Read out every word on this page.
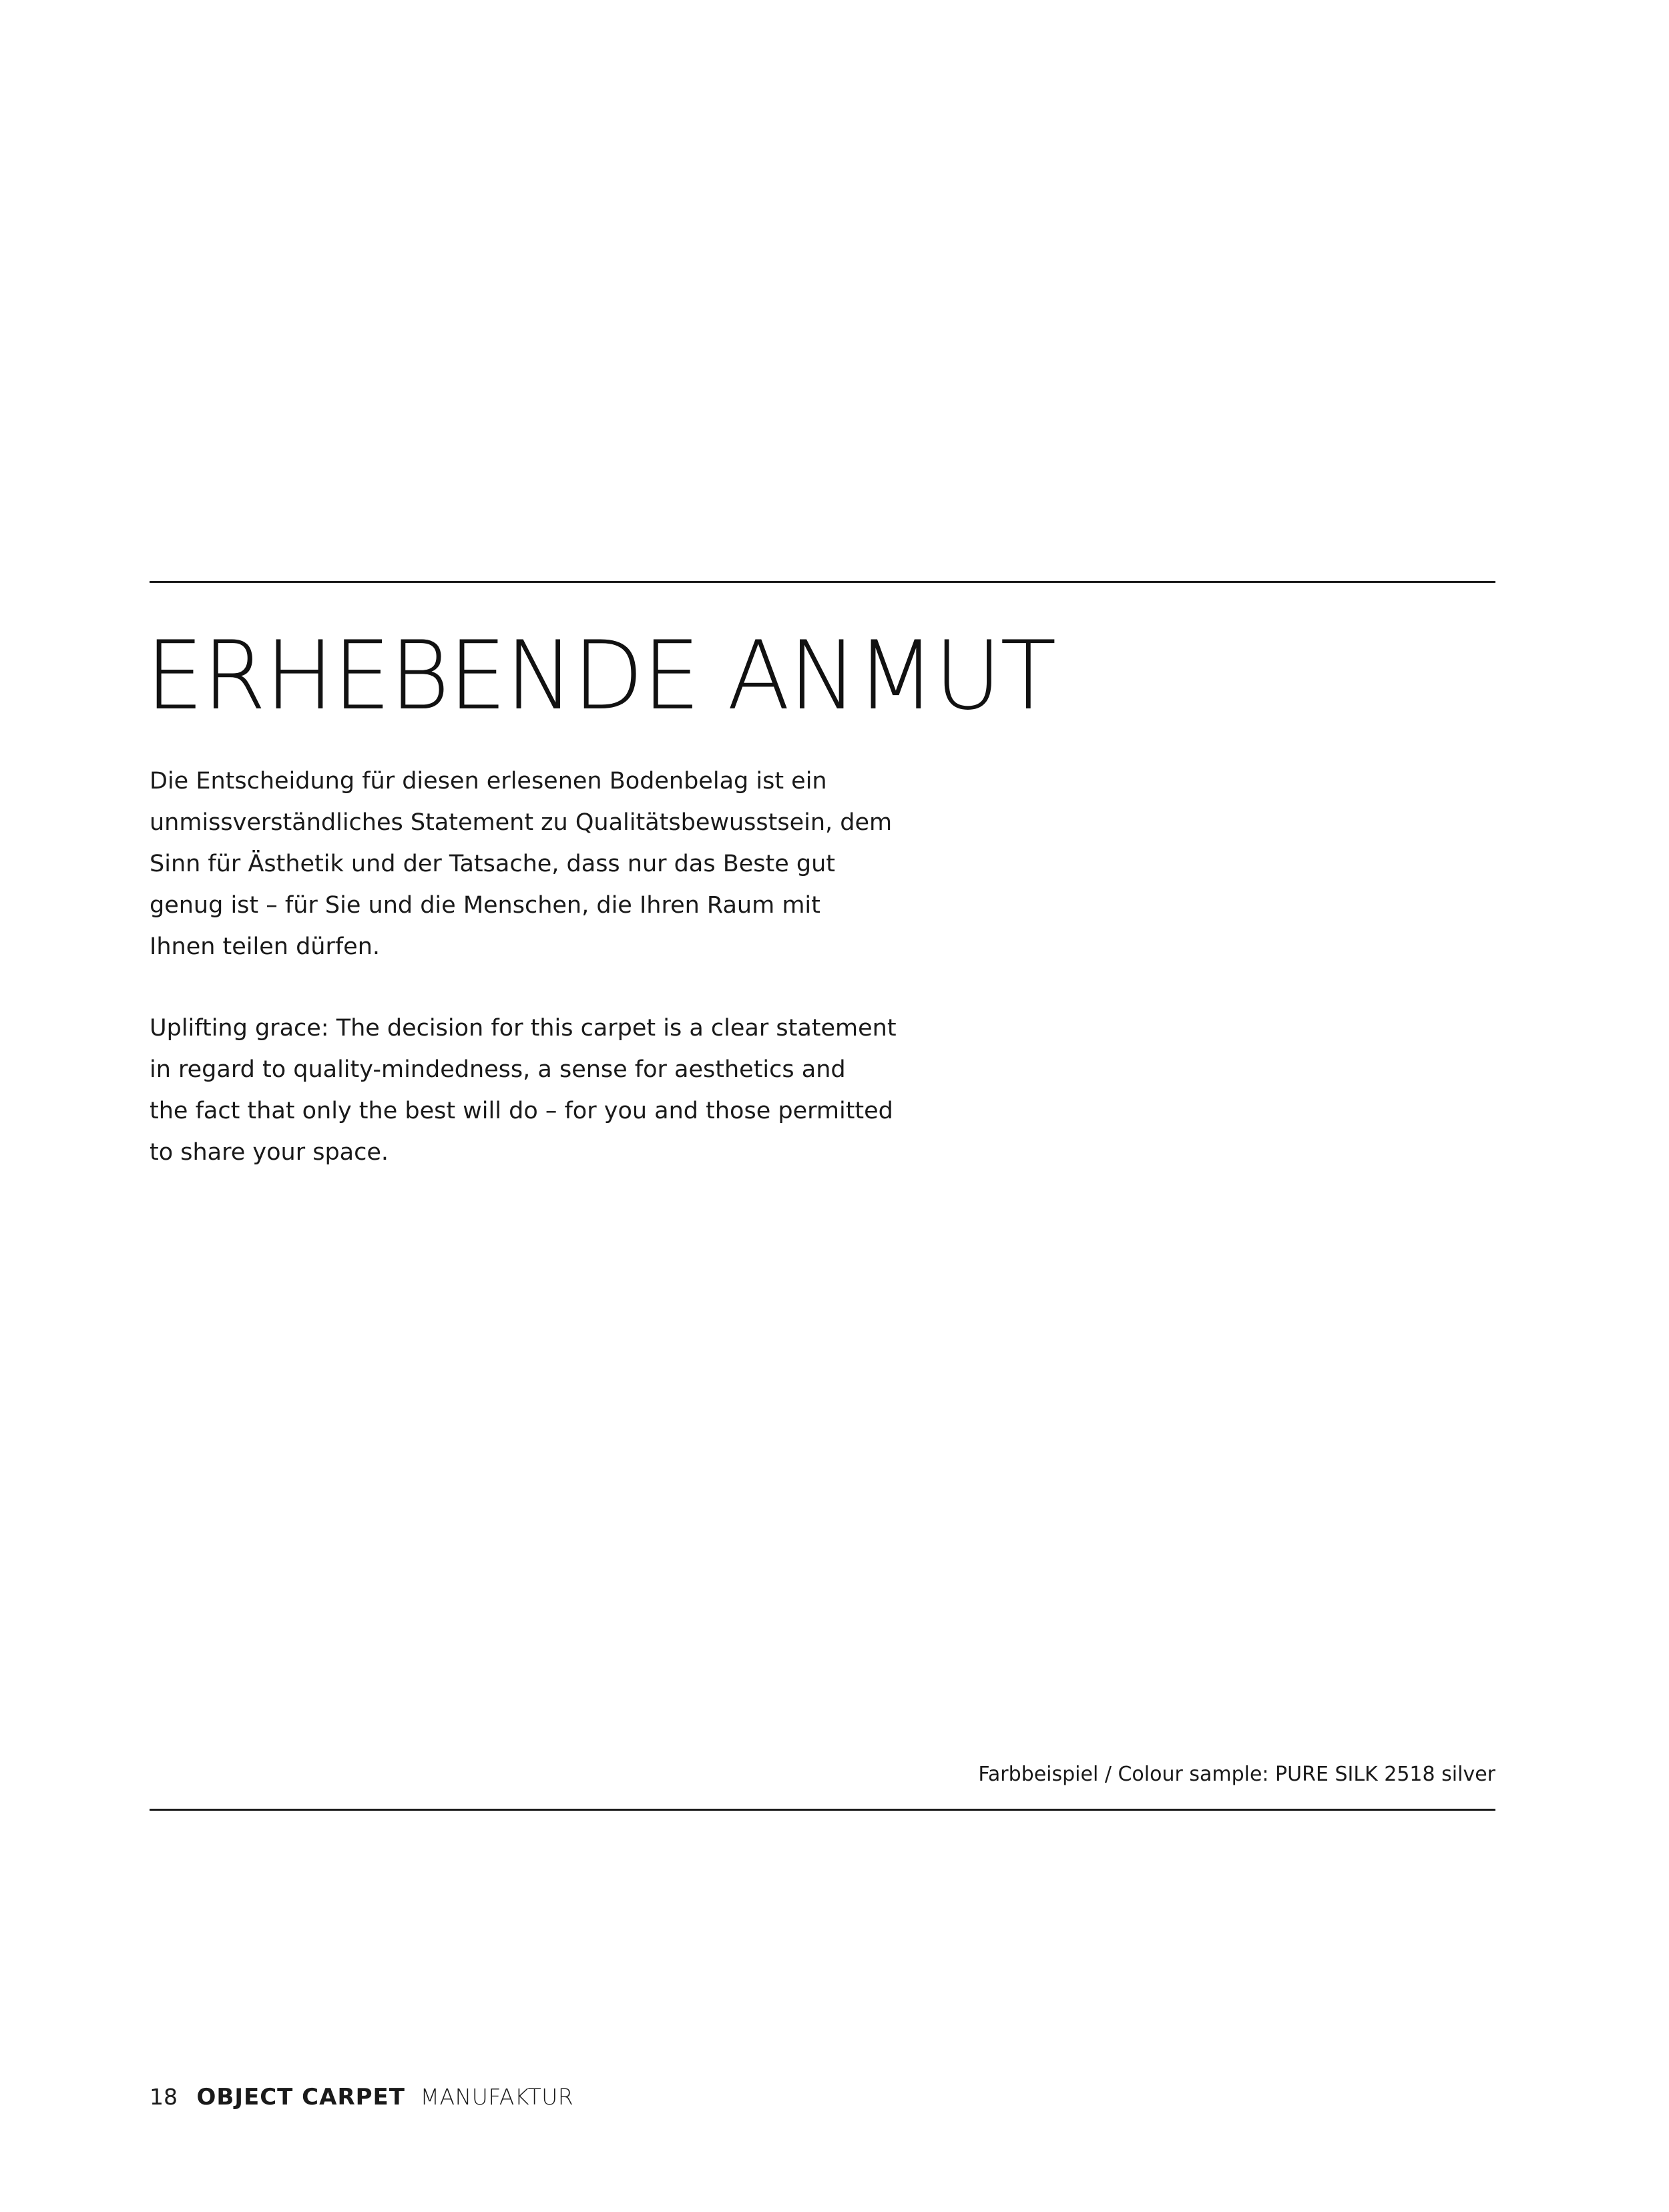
ERHEBENDE ANMUT

Die Entscheidung für diesen erlesenen Bodenbelag ist ein
unmissverständliches Statement zu Qualitätsbewusstsein, dem
Sinn für Ästhetik und der Tatsache, dass nur das Beste gut
genug ist – für Sie und die Menschen, die Ihren Raum mit
Ihnen teilen dürfen.

Uplifting grace: The decision for this carpet is a clear statement
in regard to quality-mindedness, a sense for aesthetics and
the fact that only the best will do – for you and those permitted
to share your space.

Farbbeispiel / Colour sample: PURE SILK 2518 silver

18 OBJECT CARPET MANUFAKTUR
